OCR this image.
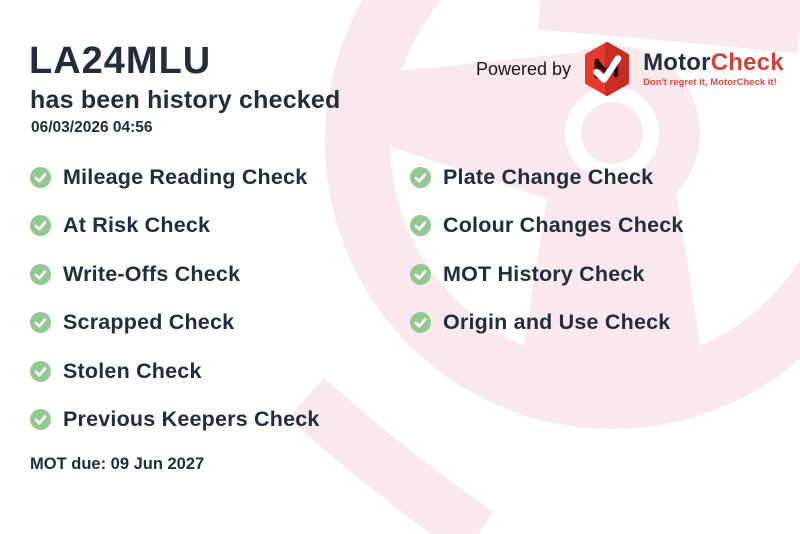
LA24MLU
has been history checked
06/03/2026 04:56
Powered by	MotorCheck
Don't regret it, MotorCheck it!
Mileage Reading Check
At Risk Check
Write-Offs Check
Scrapped Check
Stolen Check
Previous Keepers Check
Plate Change Check
Colour Changes Check
MOT History Check
Origin and Use Check
MOT due: 09 Jun 2027
